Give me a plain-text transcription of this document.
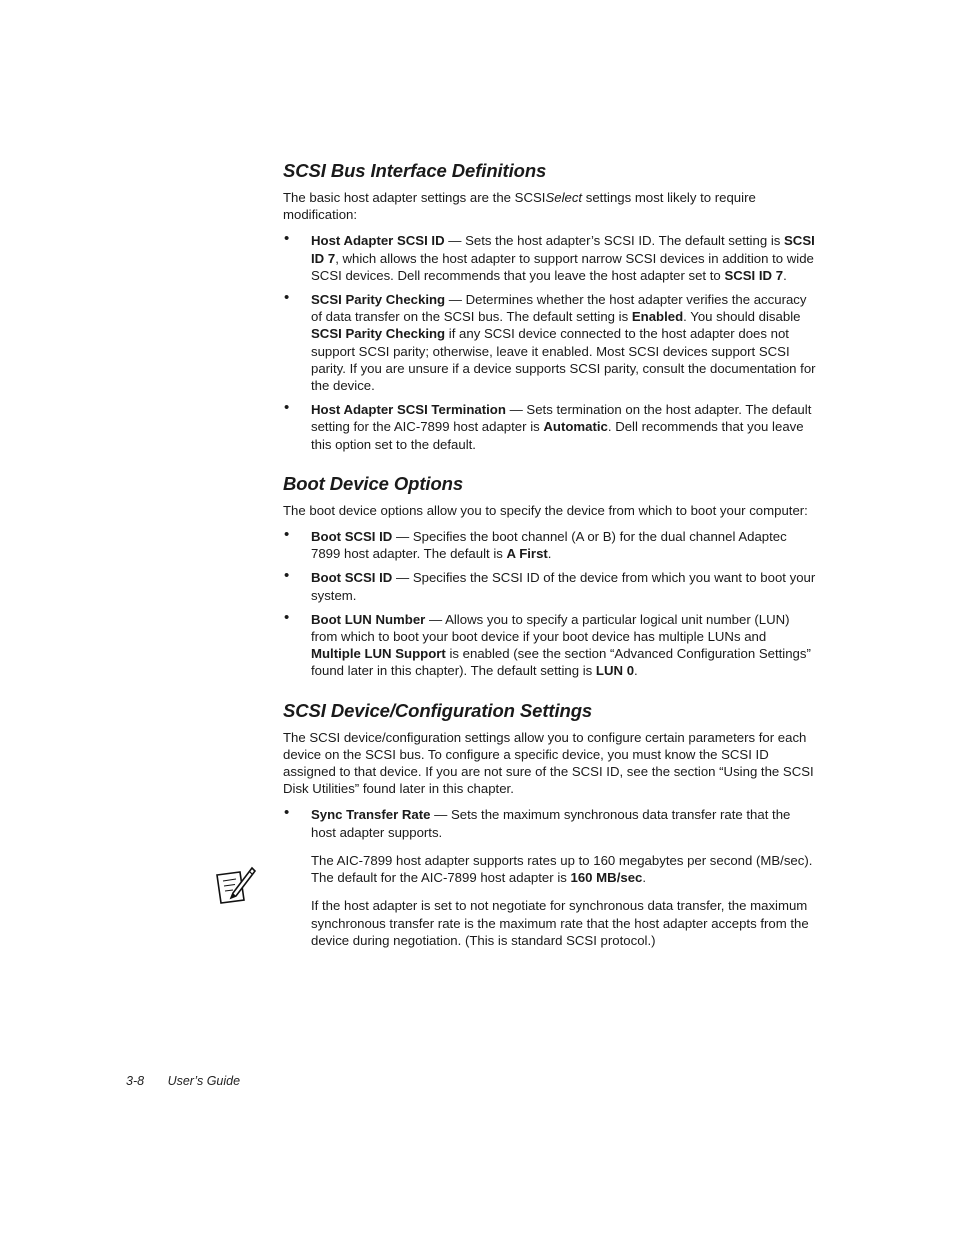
SCSI Bus Interface Definitions

The basic host adapter settings are the SCSISelect settings most likely to require modification:

• Host Adapter SCSI ID — Sets the host adapter’s SCSI ID. The default setting is SCSI ID 7, which allows the host adapter to support narrow SCSI devices in addition to wide SCSI devices. Dell recommends that you leave the host adapter set to SCSI ID 7.
• SCSI Parity Checking — Determines whether the host adapter verifies the accuracy of data transfer on the SCSI bus. The default setting is Enabled. You should disable SCSI Parity Checking if any SCSI device connected to the host adapter does not support SCSI parity; otherwise, leave it enabled. Most SCSI devices support SCSI parity. If you are unsure if a device supports SCSI parity, consult the documentation for the device.
• Host Adapter SCSI Termination — Sets termination on the host adapter. The default setting for the AIC-7899 host adapter is Automatic. Dell recommends that you leave this option set to the default.
Boot Device Options

The boot device options allow you to specify the device from which to boot your computer:

• Boot SCSI ID — Specifies the boot channel (A or B) for the dual channel Adaptec 7899 host adapter. The default is A First.
• Boot SCSI ID — Specifies the SCSI ID of the device from which you want to boot your system.
• Boot LUN Number — Allows you to specify a particular logical unit number (LUN) from which to boot your boot device if your boot device has multiple LUNs and Multiple LUN Support is enabled (see the section “Advanced Configuration Settings” found later in this chapter). The default setting is LUN 0.
SCSI Device/Configuration Settings

The SCSI device/configuration settings allow you to configure certain parameters for each device on the SCSI bus. To configure a specific device, you must know the SCSI ID assigned to that device. If you are not sure of the SCSI ID, see the section “Using the SCSI Disk Utilities” found later in this chapter.

• Sync Transfer Rate — Sets the maximum synchronous data transfer rate that the host adapter supports.

The AIC-7899 host adapter supports rates up to 160 megabytes per second (MB/sec). The default for the AIC-7899 host adapter is 160 MB/sec.

If the host adapter is set to not negotiate for synchronous data transfer, the maximum synchronous transfer rate is the maximum rate that the host adapter accepts from the device during negotiation. (This is standard SCSI protocol.)

3-8 User’s Guide
